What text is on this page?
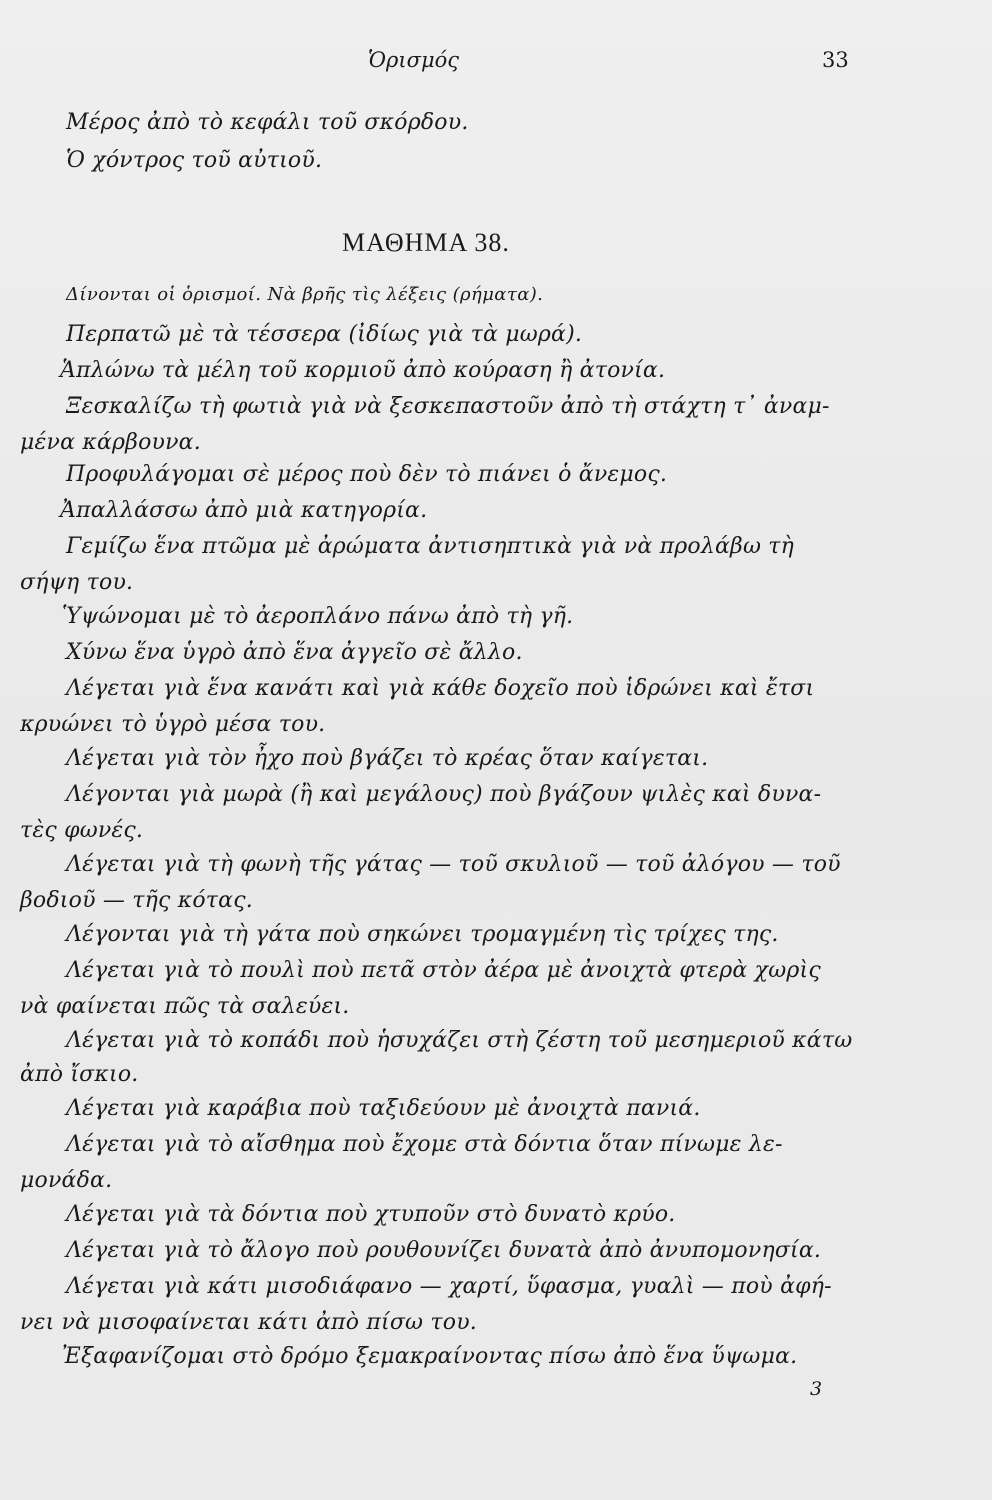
Ὁρισμός	33
Μέρος ἀπὸ τὸ κεφάλι τοῦ σκόρδου.
Ὁ χόντρος τοῦ αὐτιοῦ.
ΜΑΘΗΜΑ 38.
Δίνονται οἱ ὁρισμοί. Νὰ βρῆς τὶς λέξεις (ρήματα).
Περπατῶ μὲ τὰ τέσσερα (ἰδίως γιὰ τὰ μωρά).
Ἁπλώνω τὰ μέλη τοῦ κορμιοῦ ἀπὸ κούραση ἢ ἀτονία.
Ξεσκαλίζω τὴ φωτιὰ γιὰ νὰ ξεσκεπαστοῦν ἀπὸ τὴ στάχτη τ᾿ ἀναμ-
μένα κάρβουνα.
Προφυλάγομαι σὲ μέρος ποὺ δὲν τὸ πιάνει ὁ ἄνεμος.
Ἀπαλλάσσω ἀπὸ μιὰ κατηγορία.
Γεμίζω ἕνα πτῶμα μὲ ἀρώματα ἀντισηπτικὰ γιὰ νὰ προλάβω τὴ
σήψη του.
Ὑψώνομαι μὲ τὸ ἀεροπλάνο πάνω ἀπὸ τὴ γῆ.
Χύνω ἕνα ὑγρὸ ἀπὸ ἕνα ἀγγεῖο σὲ ἄλλο.
Λέγεται γιὰ ἕνα κανάτι καὶ γιὰ κάθε δοχεῖο ποὺ ἱδρώνει καὶ ἔτσι
κρυώνει τὸ ὑγρὸ μέσα του.
Λέγεται γιὰ τὸν ἦχο ποὺ βγάζει τὸ κρέας ὅταν καίγεται.
Λέγονται γιὰ μωρὰ (ἢ καὶ μεγάλους) ποὺ βγάζουν ψιλὲς καὶ δυνα-
τὲς φωνές.
Λέγεται γιὰ τὴ φωνὴ τῆς γάτας — τοῦ σκυλιοῦ — τοῦ ἀλόγου — τοῦ
βοδιοῦ — τῆς κότας.
Λέγονται γιὰ τὴ γάτα ποὺ σηκώνει τρομαγμένη τὶς τρίχες της.
Λέγεται γιὰ τὸ πουλὶ ποὺ πετᾶ στὸν ἀέρα μὲ ἀνοιχτὰ φτερὰ χωρὶς
νὰ φαίνεται πῶς τὰ σαλεύει.
Λέγεται γιὰ τὸ κοπάδι ποὺ ἡσυχάζει στὴ ζέστη τοῦ μεσημεριοῦ κάτω
ἀπὸ ἴσκιο.
Λέγεται γιὰ καράβια ποὺ ταξιδεύουν μὲ ἀνοιχτὰ πανιά.
Λέγεται γιὰ τὸ αἴσθημα ποὺ ἔχομε στὰ δόντια ὅταν πίνωμε λε-
μονάδα.
Λέγεται γιὰ τὰ δόντια ποὺ χτυποῦν στὸ δυνατὸ κρύο.
Λέγεται γιὰ τὸ ἄλογο ποὺ ρουθουνίζει δυνατὰ ἀπὸ ἀνυπομονησία.
Λέγεται γιὰ κάτι μισοδιάφανο — χαρτί, ὕφασμα, γυαλὶ — ποὺ ἀφή-
νει νὰ μισοφαίνεται κάτι ἀπὸ πίσω του.
Ἐξαφανίζομαι στὸ δρόμο ξεμακραίνοντας πίσω ἀπὸ ἕνα ὕψωμα.
3
